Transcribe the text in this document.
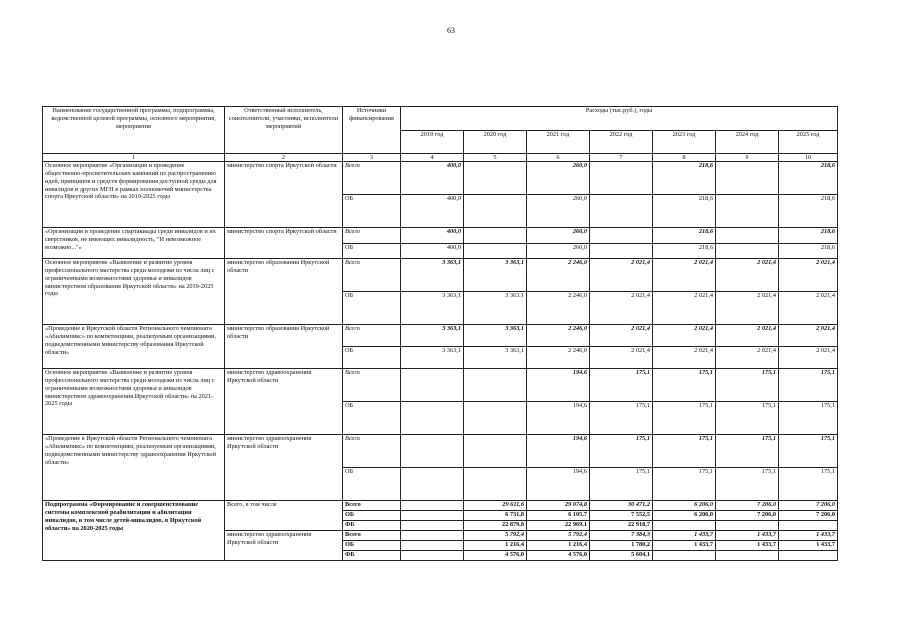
63
Наименование государственной программы, подпрограммы, ведомственной целевой программы, основного мероприятия, мероприятия	Ответственный исполнитель, соисполнители, участники, исполнители мероприятий	Источники финансирования	Расходы (тыс.руб.), годы						
			2019 год	2020 год	2021 год	2022 год	2023 год	2024 год	2025 год
1	2	3	4	5	6	7	8	9	10
Основное мероприятие «Организация и проведение общественно-просветительских кампаний по распространению идей, принципов и средств формирования доступной среды для инвалидов и других МГН в рамках полномочий министерства спорта Иркутской области» на 2019-2025 годы	министерство спорта Иркутской области	Всего	400,0		260,0		218,6		218,6
		ОБ	400,0		260,0		218,6		218,6
«Организация и проведение спартакиады среди инвалидов и их сверстников, не имеющих инвалидность, "И невозможное возможно..."»	министерство спорта Иркутской области	Всего	400,0		260,0		218,6		218,6
		ОБ	400,0		260,0		218,6		218,6
Основное мероприятие «Выявление и развитие уровня профессионального мастерства среди молодежи из числа лиц с ограниченными возможностями здоровья и инвалидов министерством образования Иркутской области» на 2019-2025 годы	министерство образования Иркутской области	Всего	3 363,1	3 363,1	2 246,0	2 021,4	2 021,4	2 021,4	2 021,4
		ОБ	3 363,1	3 363,1	2 246,0	2 021,4	2 021,4	2 021,4	2 021,4
«Проведение в Иркутской области Регионального чемпионата «Абилимпикс» по компетенциям, реализуемым организациями, подведомственными министерству образования Иркутской области»	министерство образования Иркутской области	Всего	3 363,1	3 363,1	2 246,0	2 021,4	2 021,4	2 021,4	2 021,4
		ОБ	3 363,1	3 363,1	2 246,0	2 021,4	2 021,4	2 021,4	2 021,4
Основное мероприятие «Выявление и развитие уровня профессионального мастерства среди молодежи из числа лиц с ограниченными возможностями здоровья и инвалидов министерством здравоохранения Иркутской области» на 2021-2025 годы	министерство здравоохранения Иркутской области	Всего			194,6	175,1	175,1	175,1	175,1
		ОБ			194,6	175,1	175,1	175,1	175,1
«Проведение в Иркутской области Регионального чемпионата «Абилимпикс» по компетенциям, реализуемым организациями, подведомственными министерству здравоохранения Иркутской области»	министерство здравоохранения Иркутской области	Всего			194,6	175,1	175,1	175,1	175,1
		ОБ			194,6	175,1	175,1	175,1	175,1
Подпрограмма «Формирование и совершенствование системы комплексной реабилитации и абилитации инвалидов, в том числе детей-инвалидов, в Иркутской области» на 2020-2025 годы	Всего, в том числе	Всего		29 611,6	29 074,8	30 471,2	6 206,0	7 206,0	7 206,0
		ОБ		6 731,8	6 105,7	7 552,5	6 206,0	7 206,0	7 206,0
		ФБ		22 879,8	22 969,1	22 918,7			
	министерство здравоохранения Иркутской области	Всего		5 792,4	5 792,4	7 384,3	1 433,7	1 433,7	1 433,7
		ОБ		1 216,4	1 216,4	1 780,2	1 433,7	1 433,7	1 433,7
		ФБ		4 576,0	4 576,0	5 604,1			
